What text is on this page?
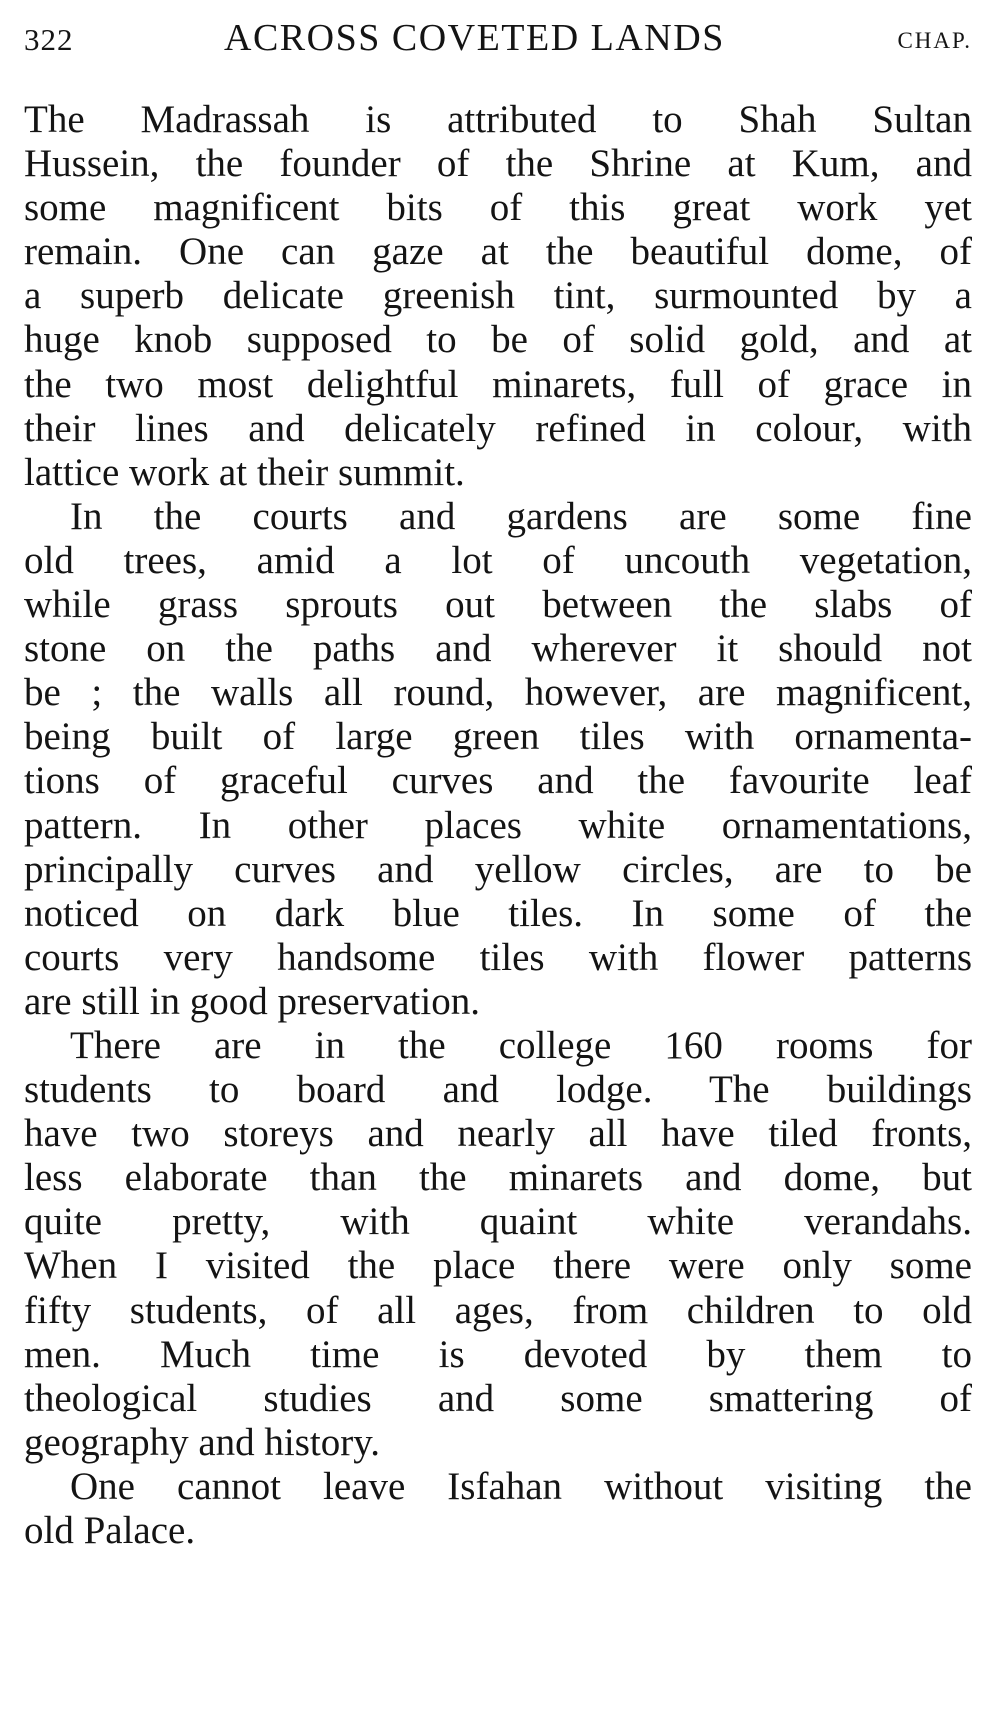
322	ACROSS COVETED LANDS	CHAP.
The Madrassah is attributed to Shah Sultan
Hussein, the founder of the Shrine at Kum, and
some magnificent bits of this great work yet
remain. One can gaze at the beautiful dome, of
a superb delicate greenish tint, surmounted by a
huge knob supposed to be of solid gold, and at
the two most delightful minarets, full of grace in
their lines and delicately refined in colour, with
lattice work at their summit.
In the courts and gardens are some fine
old trees, amid a lot of uncouth vegetation,
while grass sprouts out between the slabs of
stone on the paths and wherever it should not
be ; the walls all round, however, are magnificent,
being built of large green tiles with ornamenta-
tions of graceful curves and the favourite leaf
pattern. In other places white ornamentations,
principally curves and yellow circles, are to be
noticed on dark blue tiles. In some of the
courts very handsome tiles with flower patterns
are still in good preservation.
There are in the college 160 rooms for
students to board and lodge. The buildings
have two storeys and nearly all have tiled fronts,
less elaborate than the minarets and dome, but
quite pretty, with quaint white verandahs.
When I visited the place there were only some
fifty students, of all ages, from children to old
men. Much time is devoted by them to
theological studies and some smattering of
geography and history.
One cannot leave Isfahan without visiting the
old Palace.
